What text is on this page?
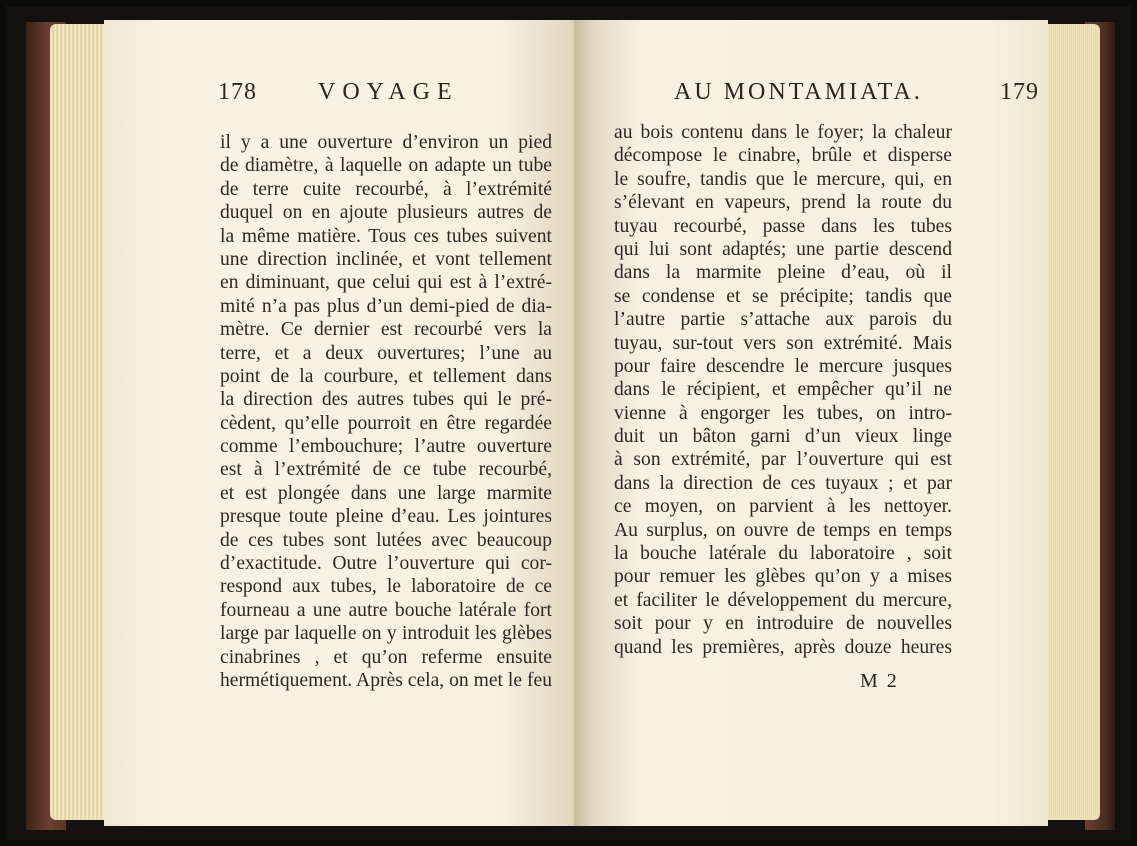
178	VOYAGE
il y a une ouverture d’environ un pied
de diamètre, à laquelle on adapte un tube
de terre cuite recourbé, à l’extrémité
duquel on en ajoute plusieurs autres de
la même matière. Tous ces tubes suivent
une direction inclinée, et vont tellement
en diminuant, que celui qui est à l’extré-
mité n’a pas plus d’un demi-pied de dia-
mètre. Ce dernier est recourbé vers la
terre, et a deux ouvertures; l’une au
point de la courbure, et tellement dans
la direction des autres tubes qui le pré-
cèdent, qu’elle pourroit en être regardée
comme l’embouchure; l’autre ouverture
est à l’extrémité de ce tube recourbé,
et est plongée dans une large marmite
presque toute pleine d’eau. Les jointures
de ces tubes sont lutées avec beaucoup
d’exactitude. Outre l’ouverture qui cor-
respond aux tubes, le laboratoire de ce
fourneau a une autre bouche latérale fort
large par laquelle on y introduit les glèbes
cinabrines , et qu’on referme ensuite
hermétiquement. Après cela, on met le feu
AU MONTAMIATA.	179
au bois contenu dans le foyer; la chaleur
décompose le cinabre, brûle et disperse
le soufre, tandis que le mercure, qui, en
s’élevant en vapeurs, prend la route du
tuyau recourbé, passe dans les tubes
qui lui sont adaptés; une partie descend
dans la marmite pleine d’eau, où il
se condense et se précipite; tandis que
l’autre partie s’attache aux parois du
tuyau, sur-tout vers son extrémité. Mais
pour faire descendre le mercure jusques
dans le récipient, et empêcher qu’il ne
vienne à engorger les tubes, on intro-
duit un bâton garni d’un vieux linge
à son extrémité, par l’ouverture qui est
dans la direction de ces tuyaux ; et par
ce moyen, on parvient à les nettoyer.
Au surplus, on ouvre de temps en temps
la bouche latérale du laboratoire , soit
pour remuer les glèbes qu’on y a mises
et faciliter le développement du mercure,
soit pour y en introduire de nouvelles
quand les premières, après douze heures
M 2
